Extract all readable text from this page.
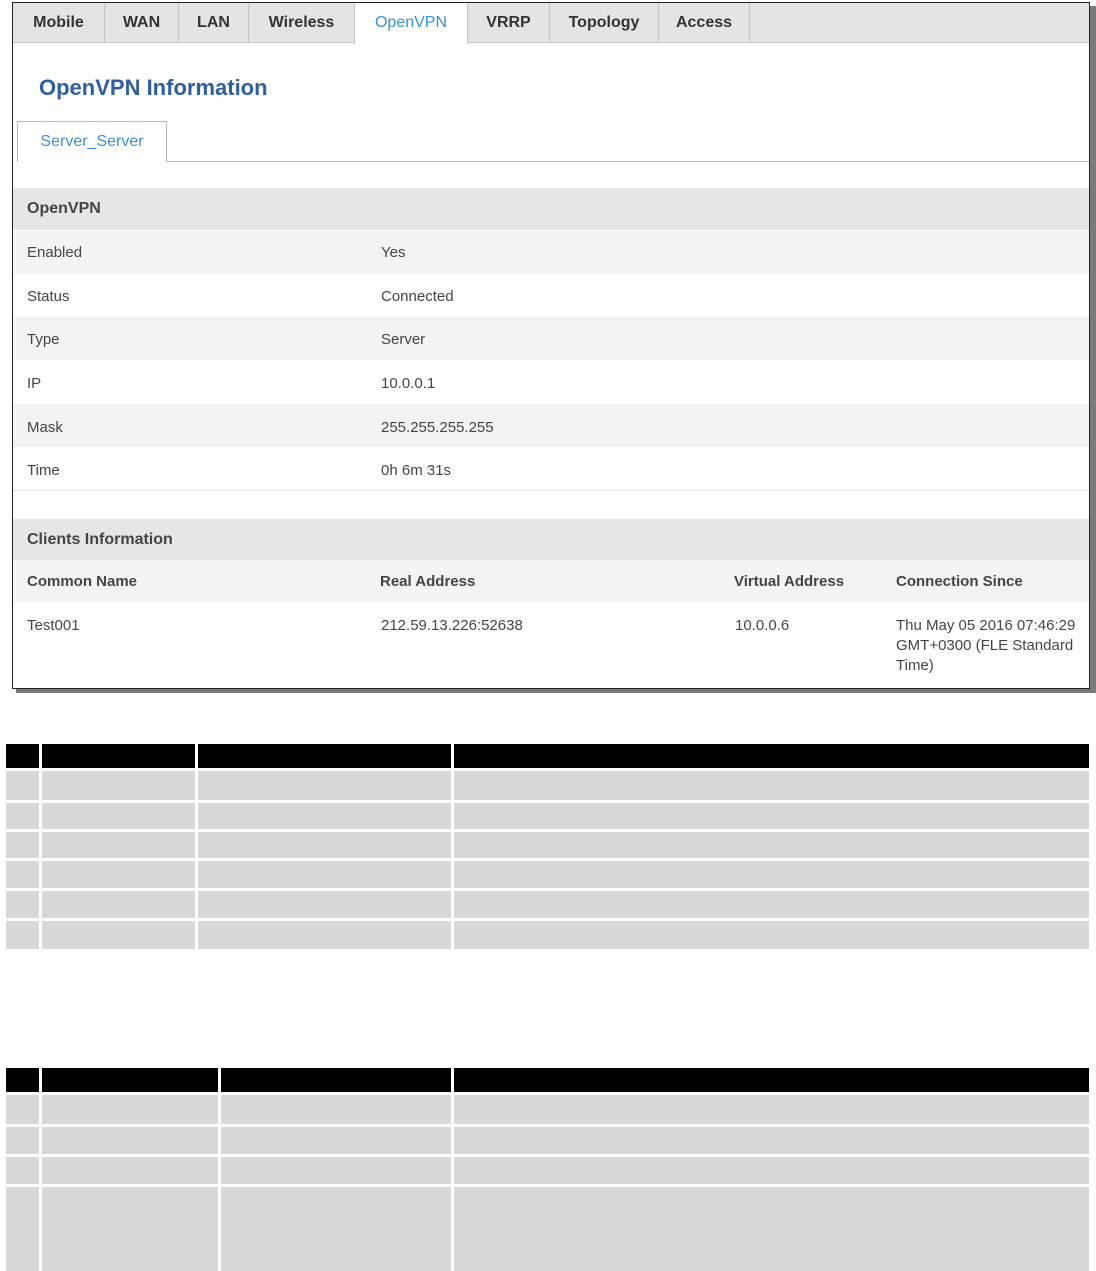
Mobile	WAN	LAN	Wireless	OpenVPN	VRRP	Topology	Access
OpenVPN Information
Server_Server
OpenVPN
Enabled	Yes
Status	Connected
Type	Server
IP	10.0.0.1
Mask	255.255.255.255
Time	0h 6m 31s
Clients Information
Common Name	Real Address	Virtual Address	Connection Since
Test001	212.59.13.226:52638	10.0.0.6	Thu May 05 2016 07:46:29
GMT+0300 (FLE Standard
Time)
